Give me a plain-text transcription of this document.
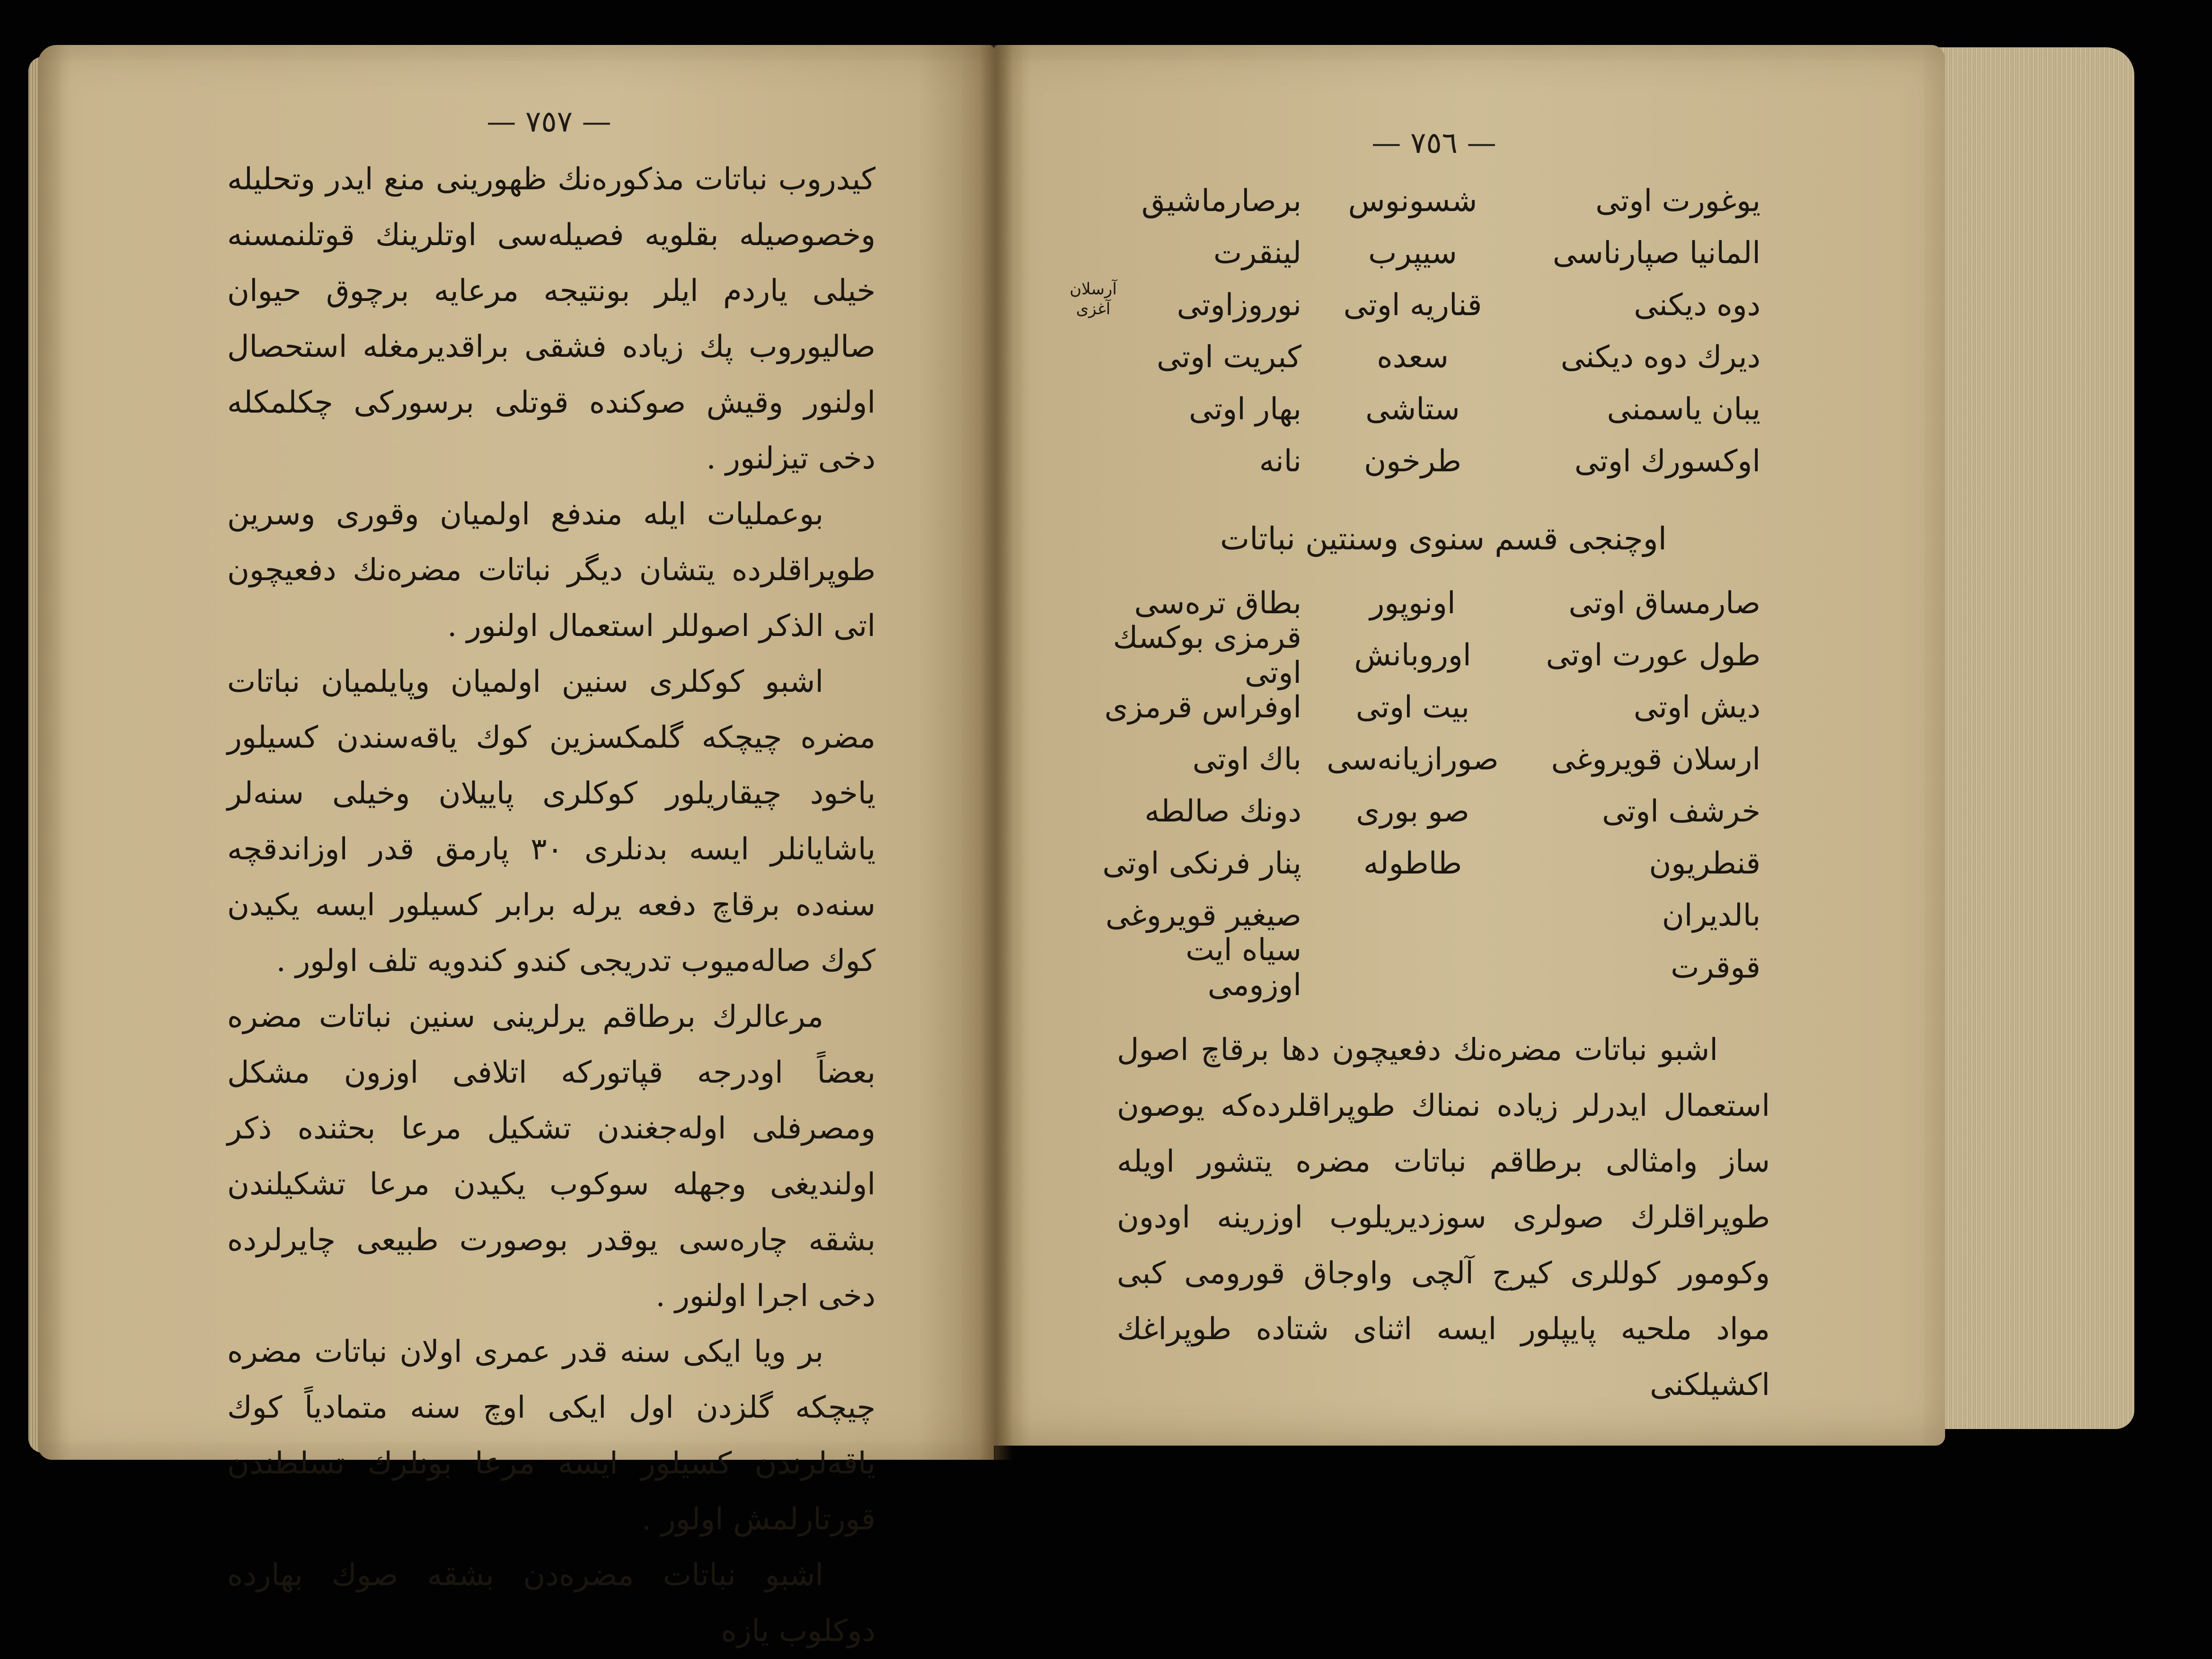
— ٧٥٧ —

كيدروب نباتات مذكوره‌نك ظهورينى منع ايدر وتحليله وخصوصيله بقلويه فصيله‌سى اوتلرينك قوتلنمسنه خيلى ياردم ايلر بونتيجه مرعايه برچوق حيوان صاليوروب پك زياده فشقى براقديرمغله استحصال اولنور وقيش صوكنده قوتلى برسوركى چكلمكله دخى تيزلنور .

بوعمليات ايله مندفع اولميان وقورى وسرين طوپراقلرده يتشان ديگر نباتات مضره‌نك دفعيچون اتى الذكر اصوللر استعمال اولنور .

اشبو كوكلرى سنين اولميان وپايلميان نباتات مضره چيچكه گلمكسزين كوك ياقه‌سندن كسيلور ياخود چيقاريلور كوكلرى پاييلان وخيلى سنه‌لر ياشايانلر ايسه بدنلرى ٣٠ پارمق قدر اوزاندقچه سنه‌ده برقاچ دفعه يرله برابر كسيلور ايسه يكيدن كوك صاله‌ميوب تدريجى كندو كندويه تلف اولور .

مرعالرك برطاقم يرلرينى سنين نباتات مضره بعضاً اودرجه قپاتوركه اتلافى اوزون مشكل ومصرفلى اوله‌جغندن تشكيل مرعا بحثنده ذكر اولنديغى وجهله سوكوب يكيدن مرعا تشكيلندن بشقه چاره‌سى يوقدر بوصورت طبيعى چايرلرده دخى اجرا اولنور .

بر ويا ايكى سنه قدر عمرى اولان نباتات مضره چيچكه گلزدن اول ايكى اوچ سنه متمادياً كوك ياقه‌لرندن كسيلور ايسه مرعا بونلرك تسلطندن قورتارلمش اولور .

اشبو نباتات مضره‌دن بشقه صوك بهارده دوكلوب يازه

— ٧٥٦ —
يوغورت اوتى
شسونوس
برصارماشيق
المانيا صپارناسى
سيپرب
لينقرت
دوه ديكنى
قناريه اوتى
نوروزاوتى
آرسلان آغزى
ديرك دوه ديكنى
سعده
كبريت اوتى
يبان ياسمنى
ستاشى
بهار اوتى
اوكسورك اوتى
طرخون
نانه
اوچنجى قسم سنوى وسنتين نباتات
صارمساق اوتى
اونوپور
بطاق تره‌سى
طول عورت اوتى
اوروبانش
قرمزى بوكسك اوتى
ديش اوتى
بيت اوتى
اوفراس قرمزى
ارسلان قويروغى
صورازيانه‌سى
باك اوتى
خرشف اوتى
صو بورى
دونك صالطه
قنطريون
طاطوله
پنار فرنكى اوتى
بالديران
صيغير قويروغى
قوقرت
سياه ايت اوزومى

اشبو نباتات مضره‌نك دفعيچون دها برقاچ اصول استعمال ايدرلر زياده نمناك طوپراقلرده‌كه يوصون ساز وامثالى برطاقم نباتات مضره يتشور اويله طوپراقلرك صولرى سوزديريلوب اوزرينه اودون وكومور كوللرى كيرج آلچى واوجاق قورومى كبى مواد ملحيه پايپلور ايسه اثناى شتاده طوپراغك اكشيلكنى
